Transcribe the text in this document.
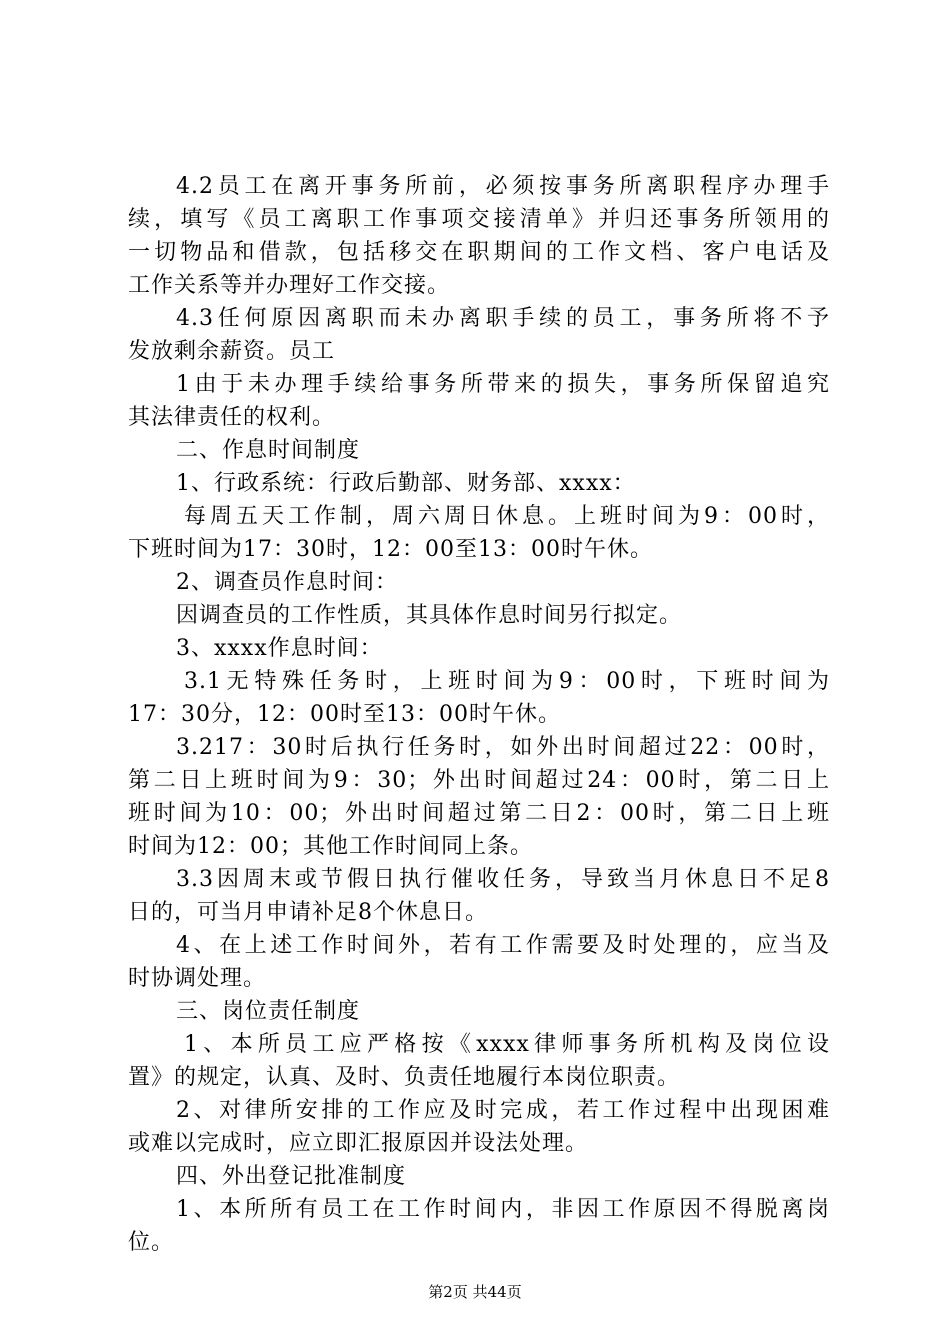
4.2员工在离开事务所前，必须按事务所离职程序办理手
续，填写《员工离职工作事项交接清单》并归还事务所领用的
一切物品和借款，包括移交在职期间的工作文档、客户电话及
工作关系等并办理好工作交接。
4.3任何原因离职而未办离职手续的员工，事务所将不予
发放剩余薪资。员工
1由于未办理手续给事务所带来的损失，事务所保留追究
其法律责任的权利。
二、作息时间制度
1、行政系统：行政后勤部、财务部、xxxx：
每周五天工作制，周六周日休息。上班时间为9：00时，
下班时间为17：30时，12：00至13：00时午休。
2、调查员作息时间：
因调查员的工作性质，其具体作息时间另行拟定。
3、xxxx作息时间：
3.1无特殊任务时，上班时间为9：00时，下班时间为
17：30分，12：00时至13：00时午休。
3.217：30时后执行任务时，如外出时间超过22：00时，
第二日上班时间为9：30；外出时间超过24：00时，第二日上
班时间为10：00；外出时间超过第二日2：00时，第二日上班
时间为12：00；其他工作时间同上条。
3.3因周末或节假日执行催收任务，导致当月休息日不足8
日的，可当月申请补足8个休息日。
4、在上述工作时间外，若有工作需要及时处理的，应当及
时协调处理。
三、岗位责任制度
1、本所员工应严格按《xxxx律师事务所机构及岗位设
置》的规定，认真、及时、负责任地履行本岗位职责。
2、对律所安排的工作应及时完成，若工作过程中出现困难
或难以完成时，应立即汇报原因并设法处理。
四、外出登记批准制度
1、本所所有员工在工作时间内，非因工作原因不得脱离岗
位。
第2页 共44页
